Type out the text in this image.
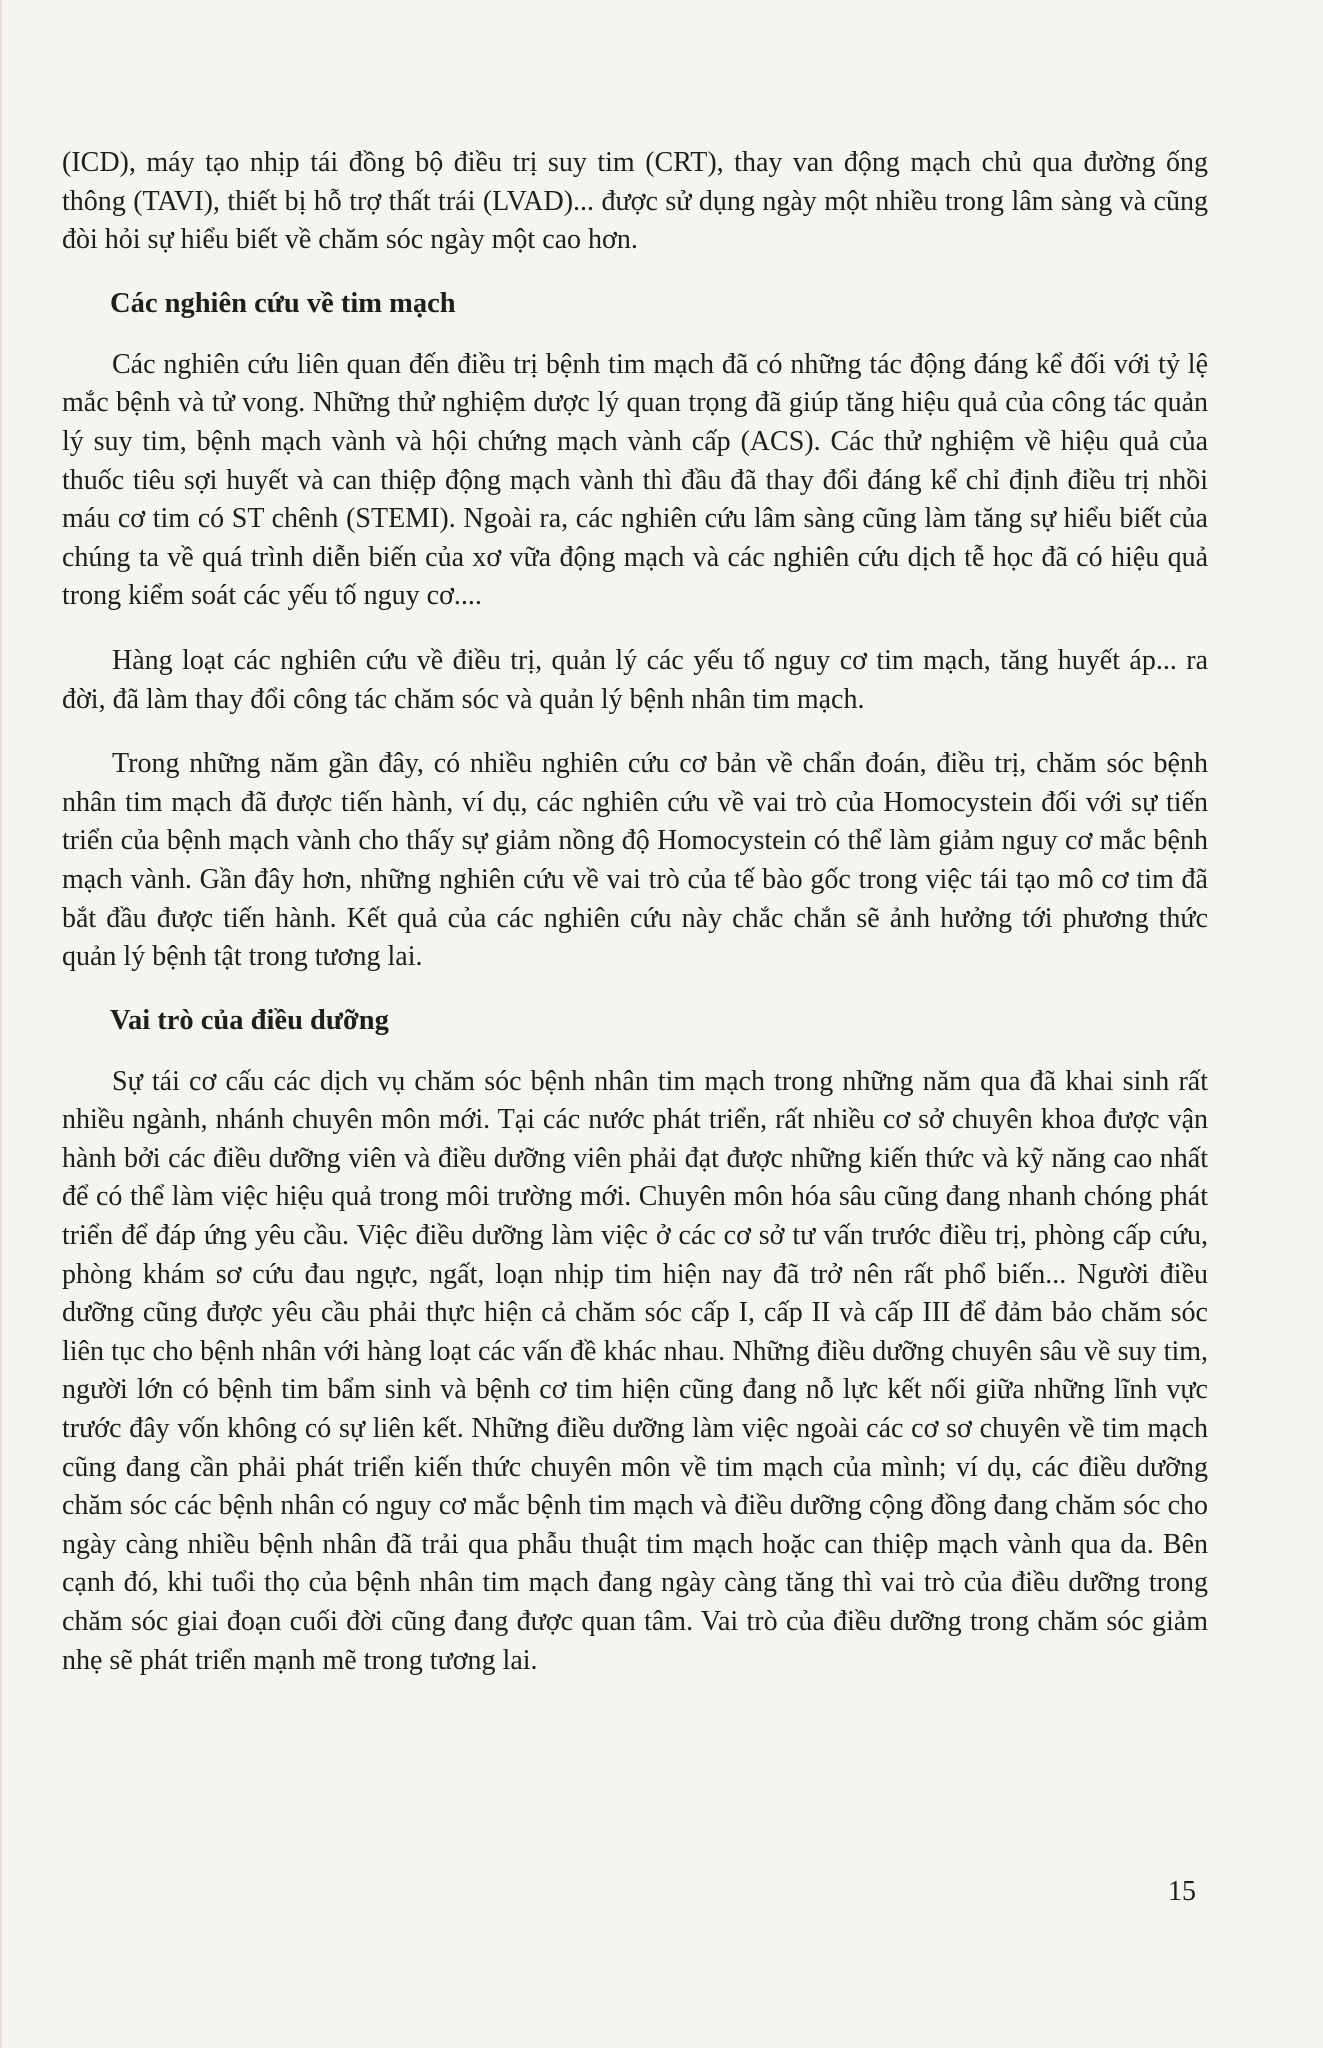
(ICD), máy tạo nhịp tái đồng bộ điều trị suy tim (CRT), thay van động mạch chủ qua đường ống thông (TAVI), thiết bị hỗ trợ thất trái (LVAD)... được sử dụng ngày một nhiều trong lâm sàng và cũng đòi hỏi sự hiểu biết về chăm sóc ngày một cao hơn.

Các nghiên cứu về tim mạch

Các nghiên cứu liên quan đến điều trị bệnh tim mạch đã có những tác động đáng kể đối với tỷ lệ mắc bệnh và tử vong. Những thử nghiệm dược lý quan trọng đã giúp tăng hiệu quả của công tác quản lý suy tim, bệnh mạch vành và hội chứng mạch vành cấp (ACS). Các thử nghiệm về hiệu quả của thuốc tiêu sợi huyết và can thiệp động mạch vành thì đầu đã thay đổi đáng kể chỉ định điều trị nhồi máu cơ tim có ST chênh (STEMI). Ngoài ra, các nghiên cứu lâm sàng cũng làm tăng sự hiểu biết của chúng ta về quá trình diễn biến của xơ vữa động mạch và các nghiên cứu dịch tễ học đã có hiệu quả trong kiểm soát các yếu tố nguy cơ....

Hàng loạt các nghiên cứu về điều trị, quản lý các yếu tố nguy cơ tim mạch, tăng huyết áp... ra đời, đã làm thay đổi công tác chăm sóc và quản lý bệnh nhân tim mạch.

Trong những năm gần đây, có nhiều nghiên cứu cơ bản về chẩn đoán, điều trị, chăm sóc bệnh nhân tim mạch đã được tiến hành, ví dụ, các nghiên cứu về vai trò của Homocystein đối với sự tiến triển của bệnh mạch vành cho thấy sự giảm nồng độ Homocystein có thể làm giảm nguy cơ mắc bệnh mạch vành. Gần đây hơn, những nghiên cứu về vai trò của tế bào gốc trong việc tái tạo mô cơ tim đã bắt đầu được tiến hành. Kết quả của các nghiên cứu này chắc chắn sẽ ảnh hưởng tới phương thức quản lý bệnh tật trong tương lai.

Vai trò của điều dưỡng

Sự tái cơ cấu các dịch vụ chăm sóc bệnh nhân tim mạch trong những năm qua đã khai sinh rất nhiều ngành, nhánh chuyên môn mới. Tại các nước phát triển, rất nhiều cơ sở chuyên khoa được vận hành bởi các điều dưỡng viên và điều dưỡng viên phải đạt được những kiến thức và kỹ năng cao nhất để có thể làm việc hiệu quả trong môi trường mới. Chuyên môn hóa sâu cũng đang nhanh chóng phát triển để đáp ứng yêu cầu. Việc điều dưỡng làm việc ở các cơ sở tư vấn trước điều trị, phòng cấp cứu, phòng khám sơ cứu đau ngực, ngất, loạn nhịp tim hiện nay đã trở nên rất phổ biến... Người điều dưỡng cũng được yêu cầu phải thực hiện cả chăm sóc cấp I, cấp II và cấp III để đảm bảo chăm sóc liên tục cho bệnh nhân với hàng loạt các vấn đề khác nhau. Những điều dưỡng chuyên sâu về suy tim, người lớn có bệnh tim bẩm sinh và bệnh cơ tim hiện cũng đang nỗ lực kết nối giữa những lĩnh vực trước đây vốn không có sự liên kết. Những điều dưỡng làm việc ngoài các cơ sơ chuyên về tim mạch cũng đang cần phải phát triển kiến thức chuyên môn về tim mạch của mình; ví dụ, các điều dưỡng chăm sóc các bệnh nhân có nguy cơ mắc bệnh tim mạch và điều dưỡng cộng đồng đang chăm sóc cho ngày càng nhiều bệnh nhân đã trải qua phẫu thuật tim mạch hoặc can thiệp mạch vành qua da. Bên cạnh đó, khi tuổi thọ của bệnh nhân tim mạch đang ngày càng tăng thì vai trò của điều dưỡng trong chăm sóc giai đoạn cuối đời cũng đang được quan tâm. Vai trò của điều dưỡng trong chăm sóc giảm nhẹ sẽ phát triển mạnh mẽ trong tương lai.

15
